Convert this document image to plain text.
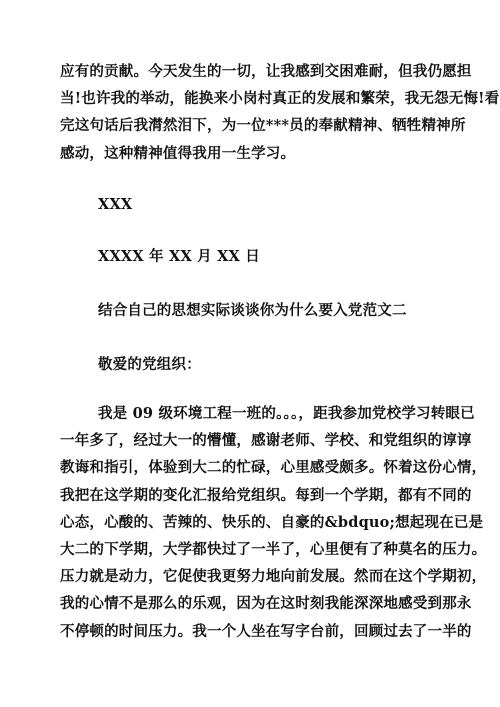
应有的贡献。今天发生的一切，让我感到交困难耐，但我仍愿担
当!也许我的举动，能换来小岗村真正的发展和繁荣，我无怨无悔!看
完这句话后我潸然泪下，为一位***员的奉献精神、牺牲精神所
感动，这种精神值得我用一生学习。
XXX
XXXX 年 XX 月 XX 日
结合自己的思想实际谈谈你为什么要入党范文二
敬爱的党组织：
我是 09 级环境工程一班的。。。，距我参加党校学习转眼已
一年多了，经过大一的懵懂，感谢老师、学校、和党组织的谆谆
教诲和指引，体验到大二的忙碌，心里感受颇多。怀着这份心情，
我把在这学期的变化汇报给党组织。每到一个学期，都有不同的
心态，心酸的、苦辣的、快乐的、自豪的&bdquo;想起现在已是
大二的下学期，大学都快过了一半了，心里便有了种莫名的压力。
压力就是动力，它促使我更努力地向前发展。然而在这个学期初，
我的心情不是那么的乐观，因为在这时刻我能深深地感受到那永
不停顿的时间压力。我一个人坐在写字台前，回顾过去了一半的
